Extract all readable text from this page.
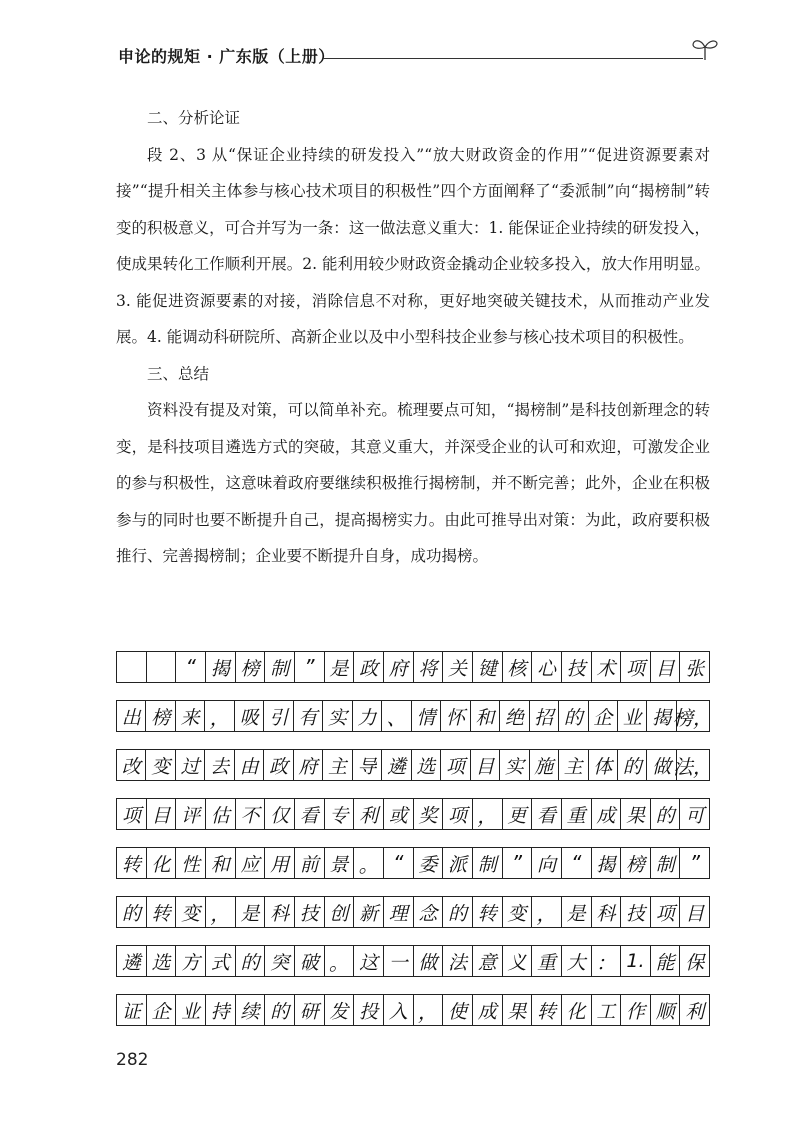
申论的规矩 · 广东版（上册）

二、分析论证

段 2、3 从“保证企业持续的研发投入”“放大财政资金的作用”“促进资源要素对接”“提升相关主体参与核心技术项目的积极性”四个方面阐释了“委派制”向“揭榜制”转变的积极意义，可合并写为一条：这一做法意义重大：1. 能保证企业持续的研发投入，使成果转化工作顺利开展。2. 能利用较少财政资金撬动企业较多投入，放大作用明显。3. 能促进资源要素的对接，消除信息不对称，更好地突破关键技术，从而推动产业发展。4. 能调动科研院所、高新企业以及中小型科技企业参与核心技术项目的积极性。

三、总结

资料没有提及对策，可以简单补充。梳理要点可知，“揭榜制”是科技创新理念的转变，是科技项目遴选方式的突破，其意义重大，并深受企业的认可和欢迎，可激发企业的参与积极性，这意味着政府要继续积极推行揭榜制，并不断完善；此外，企业在积极参与的同时也要不断提升自己，提高揭榜实力。由此可推导出对策：为此，政府要积极推行、完善揭榜制；企业要不断提升自身，成功揭榜。

“ 揭 榜 制 ” 是 政 府 将 关 键 核 心 技 术 项 目 张
出 榜 来 ， 吸 引 有 实 力 、 情 怀 和 绝 招 的 企 业 揭 榜，
改 变 过 去 由 政 府 主 导 遴 选 项 目 实 施 主 体 的 做 法，
项 目 评 估 不 仅 看 专 利 或 奖 项 ， 更 看 重 成 果 的 可
转 化 性 和 应 用 前 景 。 “ 委 派 制 ” 向 “ 揭 榜 制 ”
的 转 变 ， 是 科 技 创 新 理 念 的 转 变 ， 是 科 技 项 目
遴 选 方 式 的 突 破 。 这 一 做 法 意 义 重 大 ： 1. 能 保
证 企 业 持 续 的 研 发 投 入 ， 使 成 果 转 化 工 作 顺 利
282
